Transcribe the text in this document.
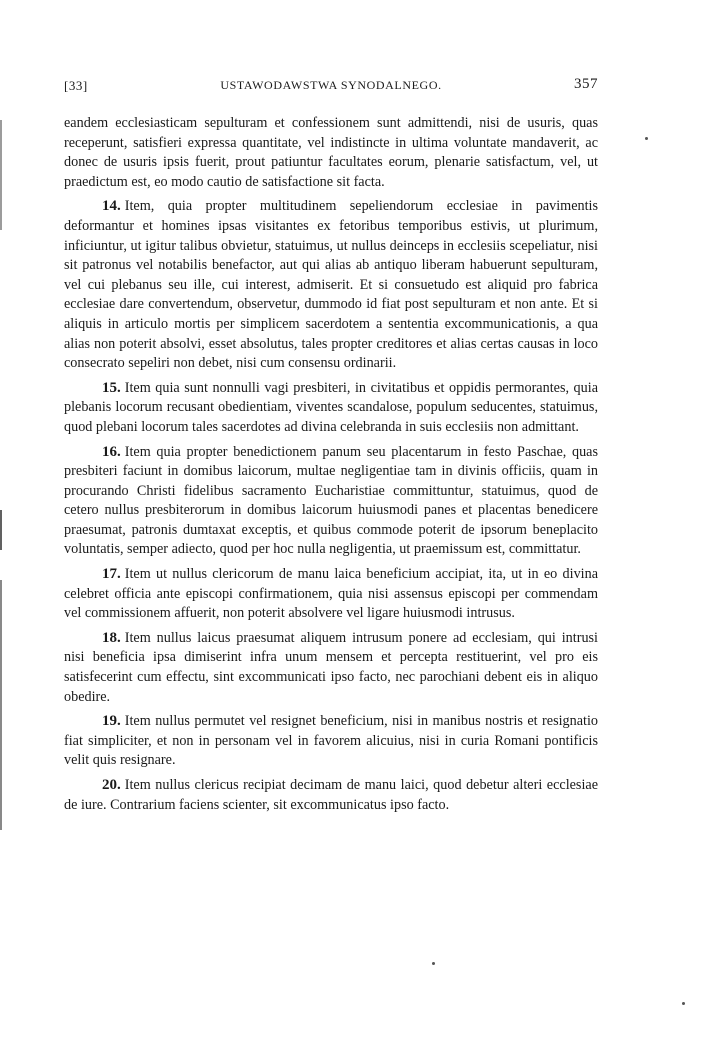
[33]	USTAWODAWSTWA SYNODALNEGO.	357

eandem ecclesiasticam sepulturam et confessionem sunt admittendi, nisi de usuris, quas receperunt, satisfieri expressa quantitate, vel indistincte in ultima voluntate mandaverit, ac donec de usuris ipsis fuerit, prout patiuntur facultates eorum, plenarie satisfactum, vel, ut praedictum est, eo modo cautio de satisfactione sit facta.

14. Item, quia propter multitudinem sepeliendorum ecclesiae in pavimentis deformantur et homines ipsas visitantes ex fetoribus temporibus estivis, ut plurimum, inficiuntur, ut igitur talibus obvietur, statuimus, ut nullus deinceps in ecclesiis scepeliatur, nisi sit patronus vel notabilis benefactor, aut qui alias ab antiquo liberam habuerunt sepulturam, vel cui plebanus seu ille, cui interest, admiserit. Et si consuetudo est aliquid pro fabrica ecclesiae dare convertendum, observetur, dummodo id fiat post sepulturam et non ante. Et si aliquis in articulo mortis per simplicem sacerdotem a sententia excommunicationis, a qua alias non poterit absolvi, esset absolutus, tales propter creditores et alias certas causas in loco consecrato sepeliri non debet, nisi cum consensu ordinarii.

15. Item quia sunt nonnulli vagi presbiteri, in civitatibus et oppidis permorantes, quia plebanis locorum recusant obedientiam, viventes scandalose, populum seducentes, statuimus, quod plebani locorum tales sacerdotes ad divina celebranda in suis ecclesiis non admittant.

16. Item quia propter benedictionem panum seu placentarum in festo Paschae, quas presbiteri faciunt in domibus laicorum, multae negligentiae tam in divinis officiis, quam in procurando Christi fidelibus sacramento Eucharistiae committuntur, statuimus, quod de cetero nullus presbiterorum in domibus laicorum huiusmodi panes et placentas benedicere praesumat, patronis dumtaxat exceptis, et quibus commode poterit de ipsorum beneplacito voluntatis, semper adiecto, quod per hoc nulla negligentia, ut praemissum est, committatur.

17. Item ut nullus clericorum de manu laica beneficium accipiat, ita, ut in eo divina celebret officia ante episcopi confirmationem, quia nisi assensus episcopi per commendam vel commissionem affuerit, non poterit absolvere vel ligare huiusmodi intrusus.

18. Item nullus laicus praesumat aliquem intrusum ponere ad ecclesiam, qui intrusi nisi beneficia ipsa dimiserint infra unum mensem et percepta restituerint, vel pro eis satisfecerint cum effectu, sint excommunicati ipso facto, nec parochiani debent eis in aliquo obedire.

19. Item nullus permutet vel resignet beneficium, nisi in manibus nostris et resignatio fiat simpliciter, et non in personam vel in favorem alicuius, nisi in curia Romani pontificis velit quis resignare.

20. Item nullus clericus recipiat decimam de manu laici, quod debetur alteri ecclesiae de iure. Contrarium faciens scienter, sit excommunicatus ipso facto.
